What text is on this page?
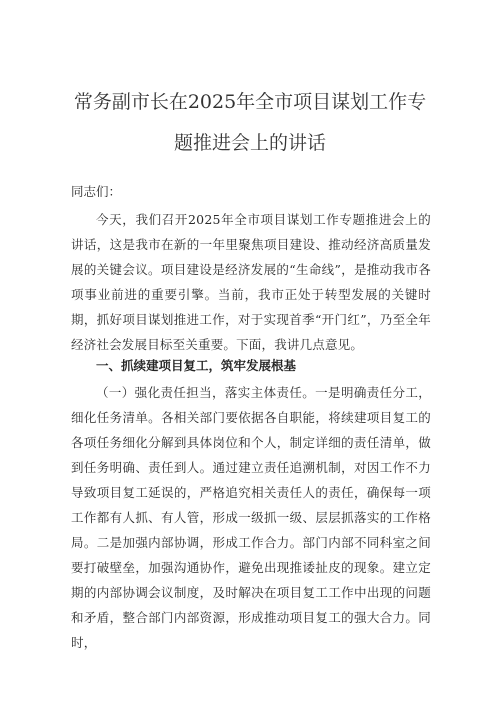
常务副市长在2025年全市项目谋划工作专题推进会上的讲话

同志们：

今天，我们召开2025年全市项目谋划工作专题推进会上的讲话，这是我市在新的一年里聚焦项目建设、推动经济高质量发展的关键会议。项目建设是经济发展的“生命线”，是推动我市各项事业前进的重要引擎。当前，我市正处于转型发展的关键时期，抓好项目谋划推进工作，对于实现首季“开门红”，乃至全年经济社会发展目标至关重要。下面，我讲几点意见。

一、抓续建项目复工，筑牢发展根基

（一）强化责任担当，落实主体责任。一是明确责任分工，细化任务清单。各相关部门要依据各自职能，将续建项目复工的各项任务细化分解到具体岗位和个人，制定详细的责任清单，做到任务明确、责任到人。通过建立责任追溯机制，对因工作不力导致项目复工延误的，严格追究相关责任人的责任，确保每一项工作都有人抓、有人管，形成一级抓一级、层层抓落实的工作格局。二是加强内部协调，形成工作合力。部门内部不同科室之间要打破壁垒，加强沟通协作，避免出现推诿扯皮的现象。建立定期的内部协调会议制度，及时解决在项目复工工作中出现的问题和矛盾，整合部门内部资源，形成推动项目复工的强大合力。同时，
